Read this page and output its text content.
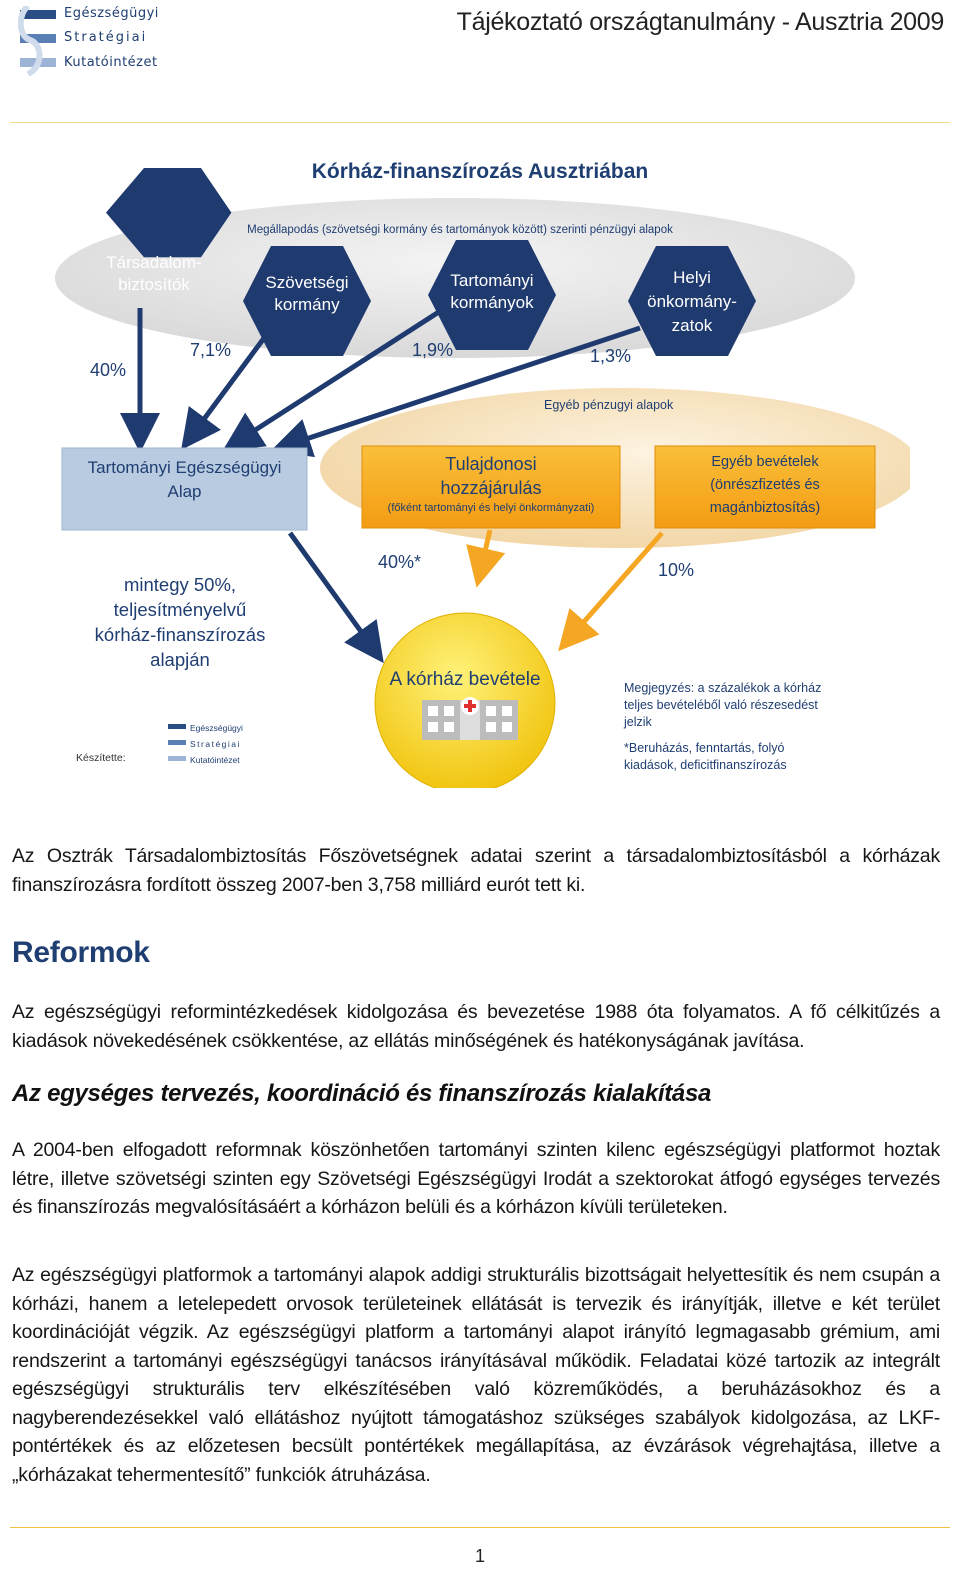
Egészségügyi
Stratégiai
Kutatóintézet
Tájékoztató országtanulmány - Ausztria 2009
Kórház-finanszírozás Ausztriában
Megállapodás (szövetségi kormány és tartományok között) szerinti pénzügyi alapok
Társadalom-
biztosítók	Szövetségi
kormány
Tartományi
kormányok
Helyi
önkormány-
zatok
40%
7,1%	1,9%	1,3%
Egyéb pénzugyi alapok
Tartományi Egészségügyi
Alap
Tulajdonosi
hozzájárulás
(főként tartományi és helyi önkormányzati)
Egyéb bevételek
(önrészfizetés és
magánbiztosítás)
40%*	10%
mintegy 50%,
teljesítményelvű
kórház-finanszírozás
alapján
A kórház bevétele	Megjegyzés: a százalékok a kórház
teljes bevételéből való részesedést
jelzik
*Beruházás, fenntartás, folyó
kiadások, deficitfinanszírozás
Készítette:
Egészségügyi
Stratégiai
Kutatóintézet
Az Osztrák Társadalombiztosítás Főszövetségnek adatai szerint a társadalombiztosításból a kórházak finanszírozásra fordított összeg 2007-ben 3,758 milliárd eurót tett ki.
Reformok
Az egészségügyi reformintézkedések kidolgozása és bevezetése 1988 óta folyamatos. A fő célkitűzés a kiadások növekedésének csökkentése, az ellátás minőségének és hatékonyságának javítása.
Az egységes tervezés, koordináció és finanszírozás kialakítása
A 2004-ben elfogadott reformnak köszönhetően tartományi szinten kilenc egészségügyi platformot hoztak létre, illetve szövetségi szinten egy Szövetségi Egészségügyi Irodát a szektorokat átfogó egységes tervezés és finanszírozás megvalósításáért a kórházon belüli és a kórházon kívüli területeken.
Az egészségügyi platformok a tartományi alapok addigi strukturális bizottságait helyettesítik és nem csupán a kórházi, hanem a letelepedett orvosok területeinek ellátását is tervezik és irányítják, illetve e két terület koordinációját végzik. Az egészségügyi platform a tartományi alapot irányító legmagasabb grémium, ami rendszerint a tartományi egészségügyi tanácsos irányításával működik. Feladatai közé tartozik az integrált egészségügyi strukturális terv elkészítésében való közreműködés, a beruházásokhoz és a nagyberendezésekkel való ellátáshoz nyújtott támogatáshoz szükséges szabályok kidolgozása, az LKF-pontértékek és az előzetesen becsült pontértékek megállapítása, az évzárások végrehajtása, illetve a „kórházakat tehermentesítő” funkciók átruházása.
1
